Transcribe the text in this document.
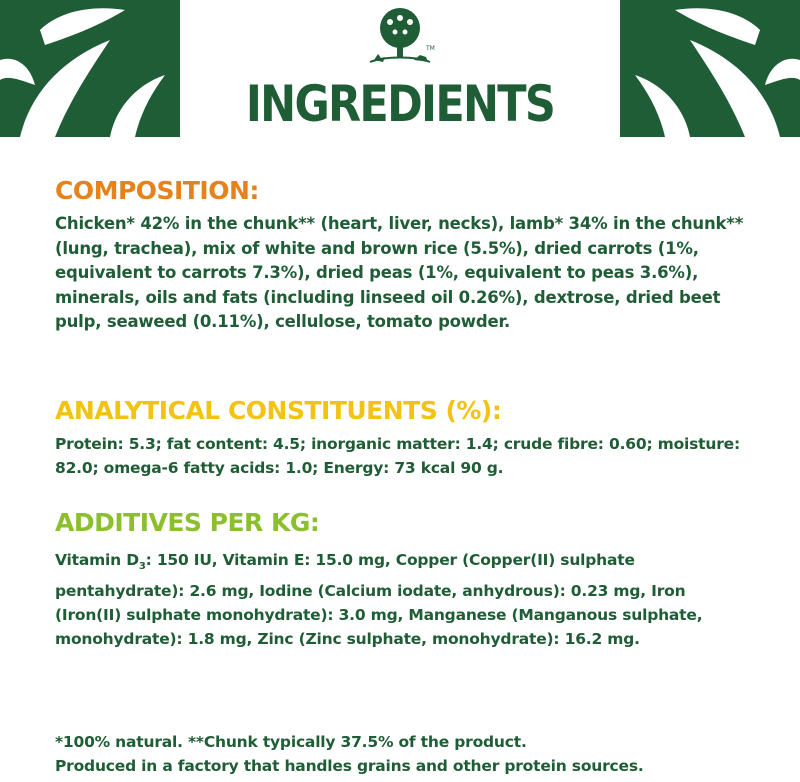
TM
INGREDIENTS
COMPOSITION:

Chicken* 42% in the chunk** (heart, liver, necks), lamb* 34% in the chunk** (lung, trachea), mix of white and brown rice (5.5%), dried carrots (1%, equivalent to carrots 7.3%), dried peas (1%, equivalent to peas 3.6%), minerals, oils and fats (including linseed oil 0.26%), dextrose, dried beet pulp, seaweed (0.11%), cellulose, tomato powder.

ANALYTICAL CONSTITUENTS (%):

Protein: 5.3; fat content: 4.5; inorganic matter: 1.4; crude fibre: 0.60; moisture: 82.0; omega-6 fatty acids: 1.0; Energy: 73 kcal 90 g.

ADDITIVES PER KG:

Vitamin $D_3$: 150 IU, Vitamin E: 15.0 mg, Copper (Copper(II) sulphate pentahydrate): 2.6 mg, Iodine (Calcium iodate, anhydrous): 0.23 mg, Iron (Iron(II) sulphate monohydrate): 3.0 mg, Manganese (Manganous sulphate, monohydrate): 1.8 mg, Zinc (Zinc sulphate, monohydrate): 16.2 mg.

*100% natural. **Chunk typically 37.5% of the product.

Produced in a factory that handles grains and other protein sources.
